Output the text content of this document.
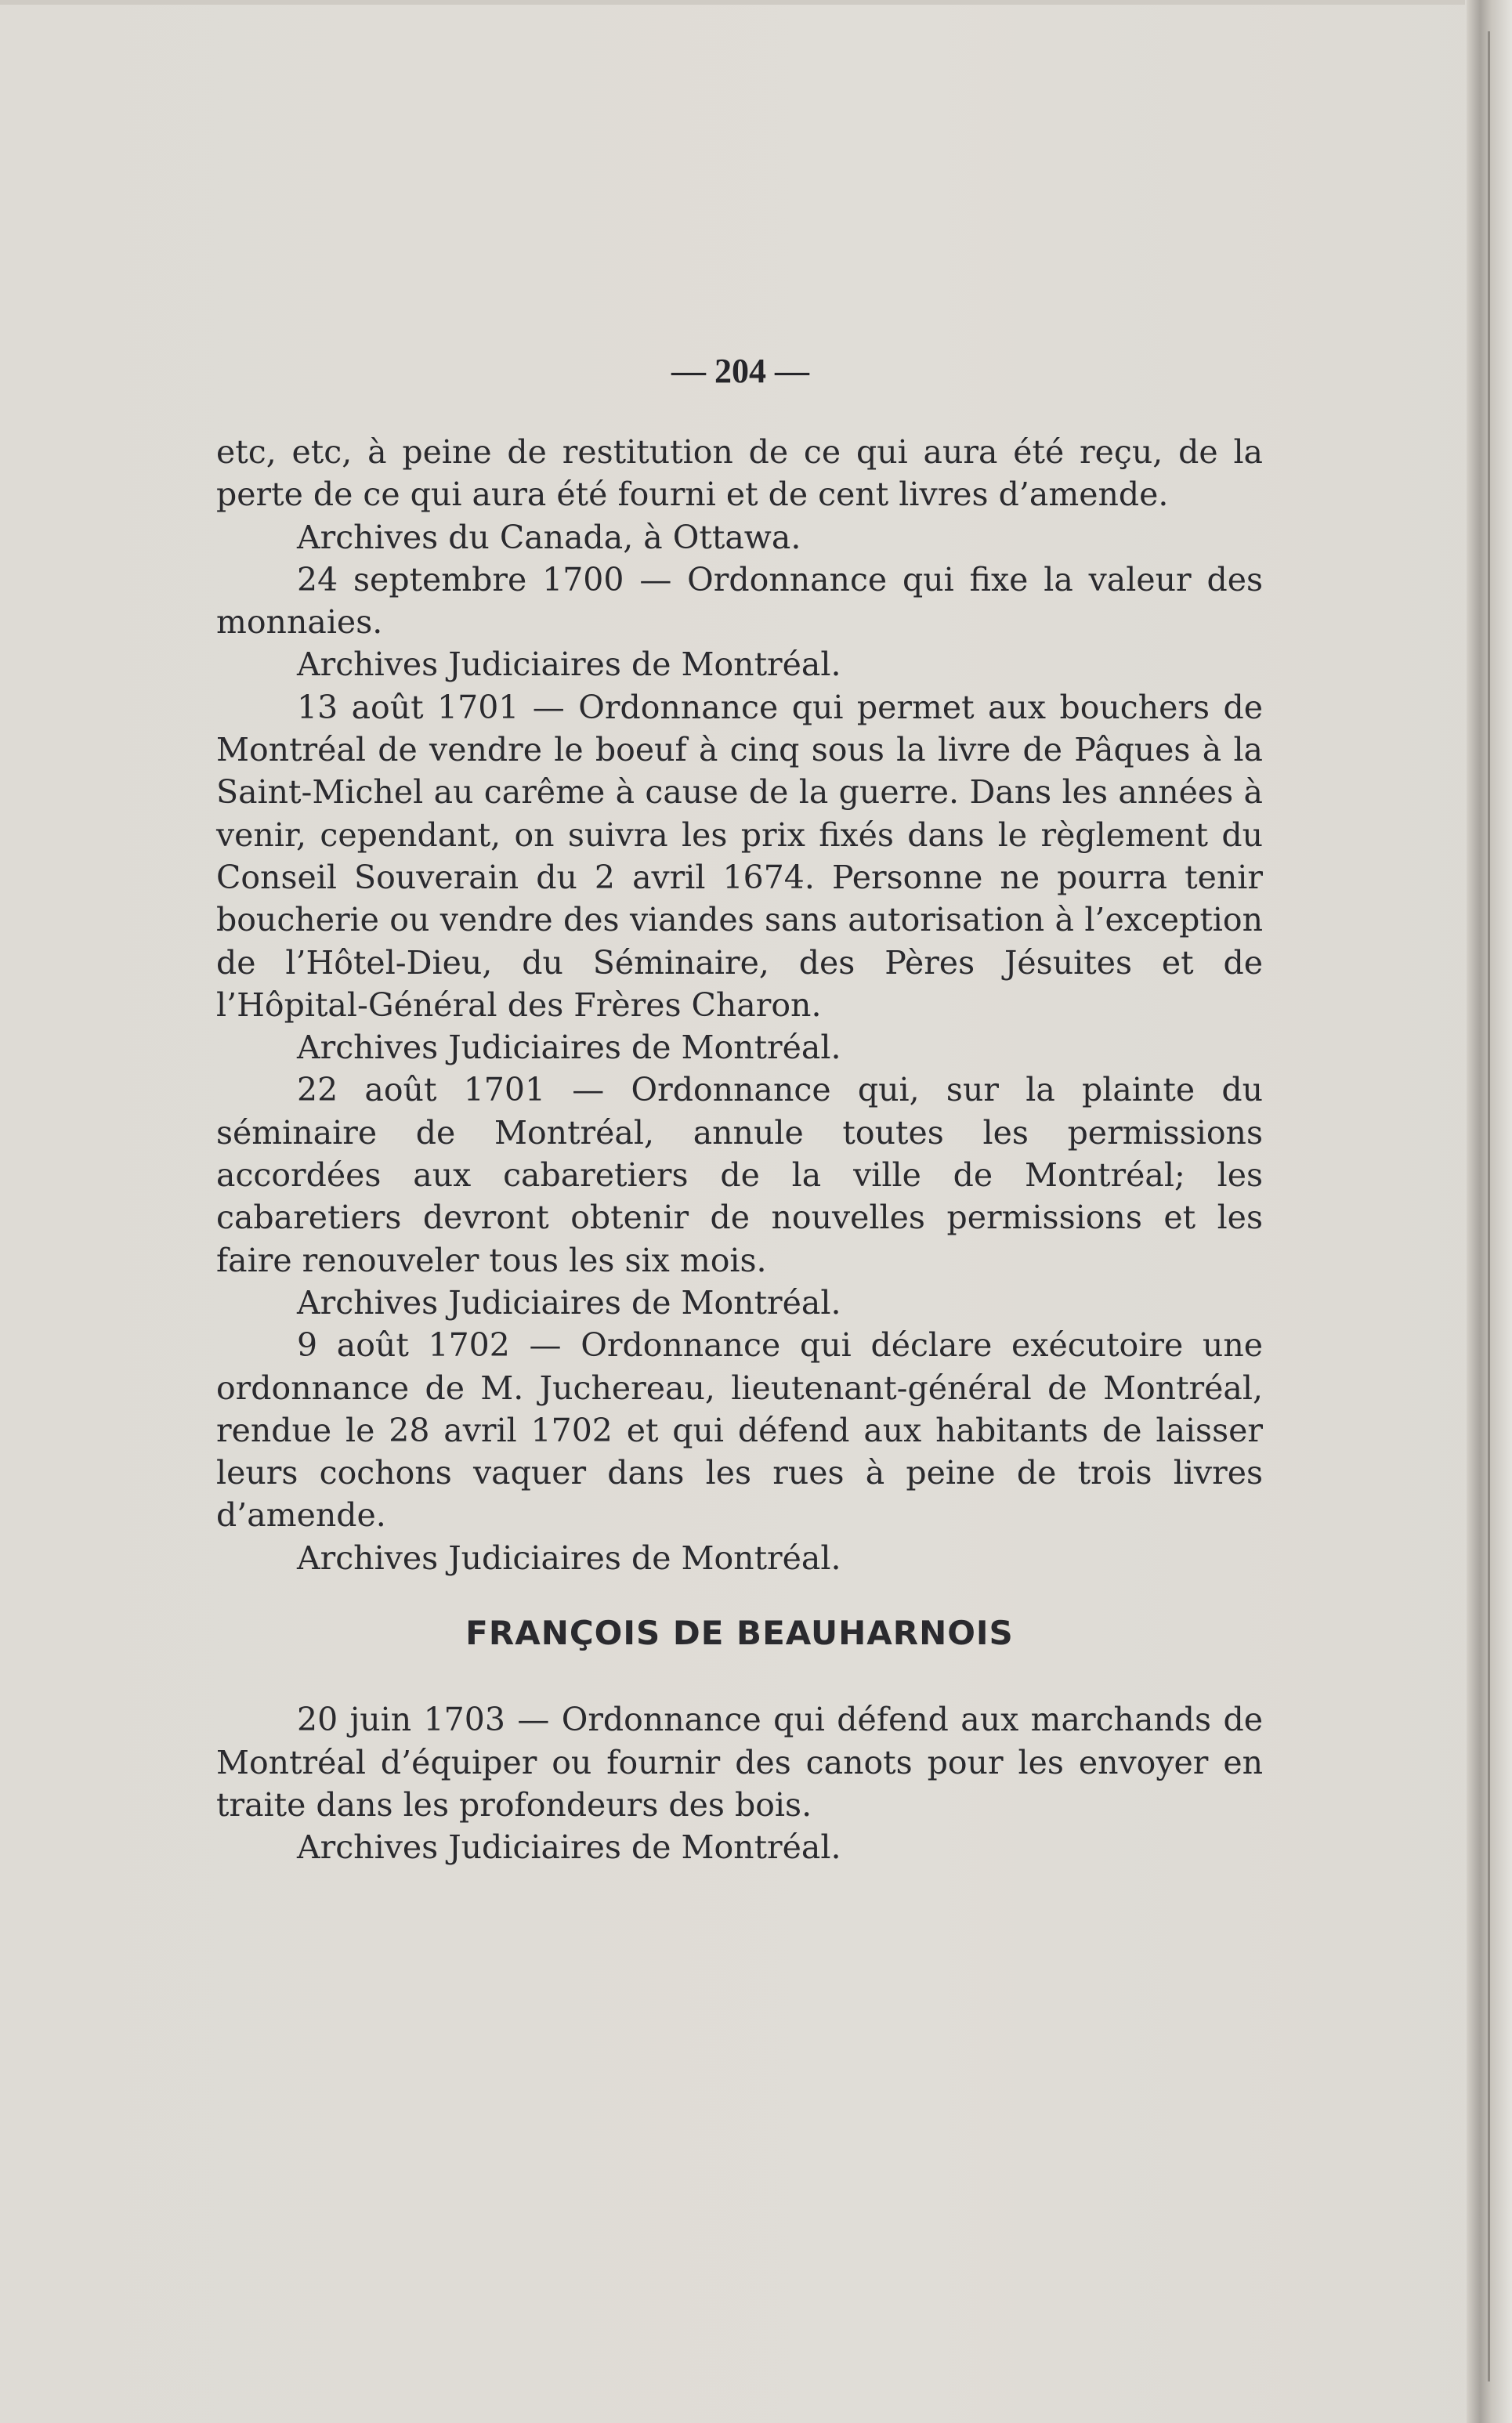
— 204 —

etc, etc, à peine de restitution de ce qui aura été reçu, de la perte de ce qui aura été fourni et de cent livres d’amende.

Archives du Canada, à Ottawa.

24 septembre 1700 — Ordonnance qui fixe la valeur des monnaies.

Archives Judiciaires de Montréal.

13 août 1701 — Ordonnance qui permet aux bouchers de Montréal de vendre le boeuf à cinq sous la livre de Pâques à la Saint-Michel au carême à cause de la guerre. Dans les années à venir, cependant, on suivra les prix fixés dans le règlement du Conseil Souverain du 2 avril 1674. Personne ne pourra tenir boucherie ou vendre des viandes sans autorisation à l’exception de l’Hôtel-Dieu, du Séminaire, des Pères Jésuites et de l’Hôpital-Général des Frères Charon.

Archives Judiciaires de Montréal.

22 août 1701 — Ordonnance qui, sur la plainte du séminaire de Montréal, annule toutes les permissions accordées aux cabaretiers de la ville de Montréal; les cabaretiers devront obtenir de nouvelles permissions et les faire renouveler tous les six mois.

Archives Judiciaires de Montréal.

9 août 1702 — Ordonnance qui déclare exécutoire une ordonnance de M. Juchereau, lieutenant-général de Montréal, rendue le 28 avril 1702 et qui défend aux habitants de laisser leurs cochons vaquer dans les rues à peine de trois livres d’amende.

Archives Judiciaires de Montréal.

FRANÇOIS DE BEAUHARNOIS

20 juin 1703 — Ordonnance qui défend aux marchands de Montréal d’équiper ou fournir des canots pour les envoyer en traite dans les profondeurs des bois.

Archives Judiciaires de Montréal.
